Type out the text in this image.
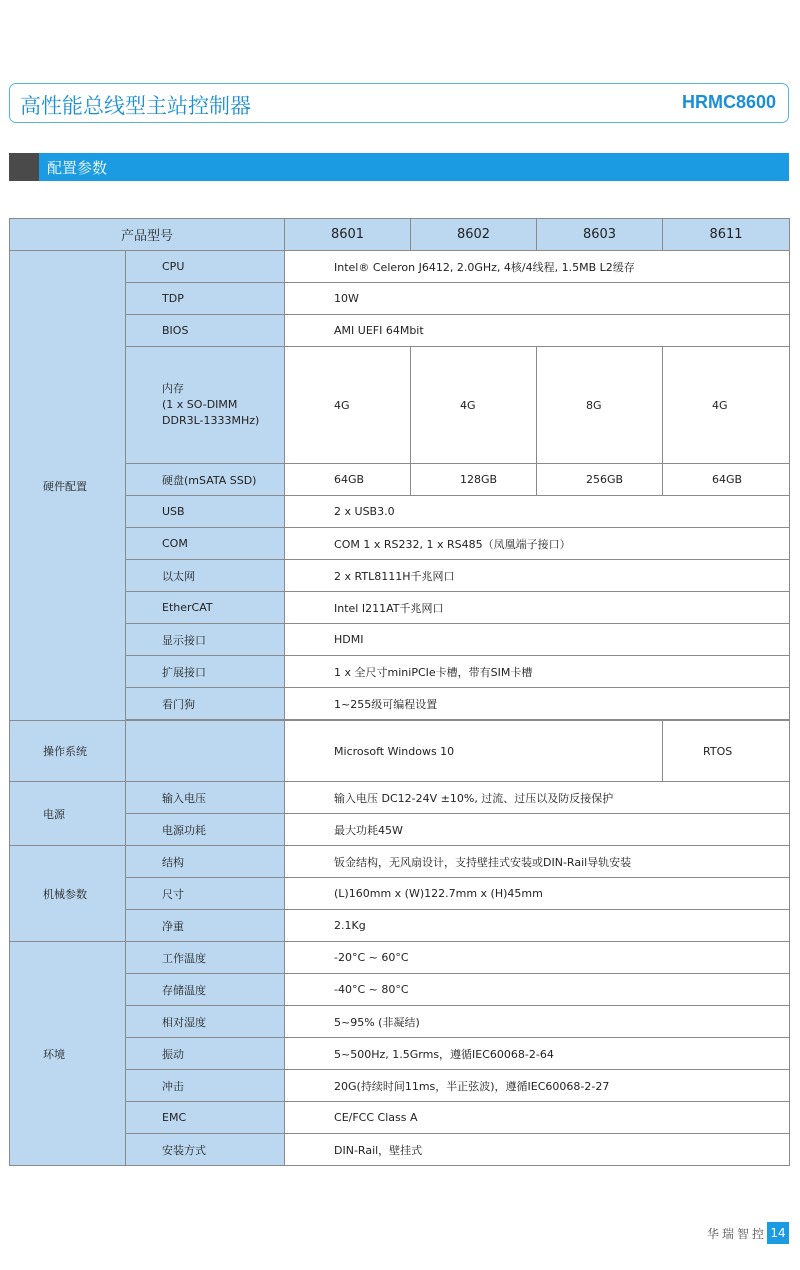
高性能总线型主站控制器	HRMC8600
配置参数
产品型号		8601	8602	8603	8611
硬件配置	CPU	Intel® Celeron J6412, 2.0GHz, 4核/4线程, 1.5MB L2缓存			
	TDP	10W			
	BIOS	AMI UEFI 64Mbit			

	内存
(1 x SO-DIMM
DDR3L-1333MHz)	4G	4G	8G	4G
	硬盘(mSATA SSD)	64GB	128GB	256GB	64GB
	USB	2 x USB3.0			
	COM	COM 1 x RS232, 1 x RS485（凤凰端子接口）			
	以太网	2 x RTL8111H千兆网口			
	EtherCAT	Intel I211AT千兆网口			
	显示接口	HDMI			
	扩展接口	1 x 全尺寸miniPCIe卡槽，带有SIM卡槽			
	看门狗	1~255级可编程设置			

操作系统		Microsoft Windows 10			RTOS
电源	输入电压	输入电压 DC12-24V ±10%, 过流、过压以及防反接保护			
	电源功耗	最大功耗45W			
机械参数	结构	钣金结构，无风扇设计，支持壁挂式安装或DIN-Rail导轨安装			
	尺寸	(L)160mm x (W)122.7mm x (H)45mm			
	净重	2.1Kg			
环境	工作温度	-20°C ~ 60°C			
	存储温度	-40°C ~ 80°C			
	相对湿度	5~95% (非凝结)			
	振动	5~500Hz, 1.5Grms，遵循IEC60068-2-64			
	冲击	20G(持续时间11ms，半正弦波)，遵循IEC60068-2-27			
	EMC	CE/FCC Class A			
	安装方式	DIN-Rail，壁挂式			
华瑞智控 14
